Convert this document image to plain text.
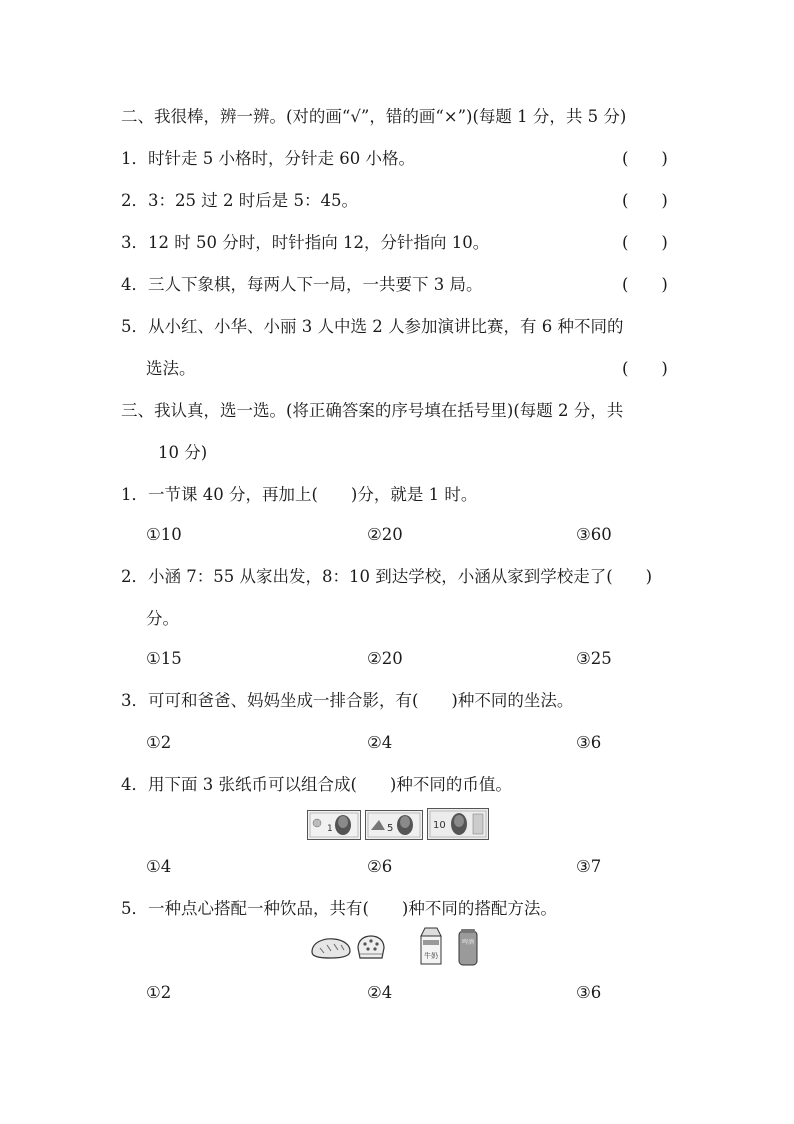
二、我很棒，辨一辨。(对的画“√”，错的画“×”)(每题 1 分，共 5 分)
1．时针走 5 小格时，分针走 60 小格。	(　　)
2．3：25 过 2 时后是 5：45。	(　　)
3．12 时 50 分时，时针指向 12，分针指向 10。	(　　)
4．三人下象棋，每两人下一局，一共要下 3 局。	(　　)
5．从小红、小华、小丽 3 人中选 2 人参加演讲比赛，有 6 种不同的
选法。	(　　)
三、我认真，选一选。(将正确答案的序号填在括号里)(每题 2 分，共
10 分)
1．一节课 40 分，再加上(　　)分，就是 1 时。
①10	②20	③60
2．小涵 7：55 从家出发，8：10 到达学校，小涵从家到学校走了(　　)
分。
①15	②20	③25
3．可可和爸爸、妈妈坐成一排合影，有(　　)种不同的坐法。
①2	②4	③6
4．用下面 3 张纸币可以组合成(　　)种不同的币值。
1	5	10
①4	②6	③7
5．一种点心搭配一种饮品，共有(　　)种不同的搭配方法。
牛奶
啤酒
①2	②4	③6
